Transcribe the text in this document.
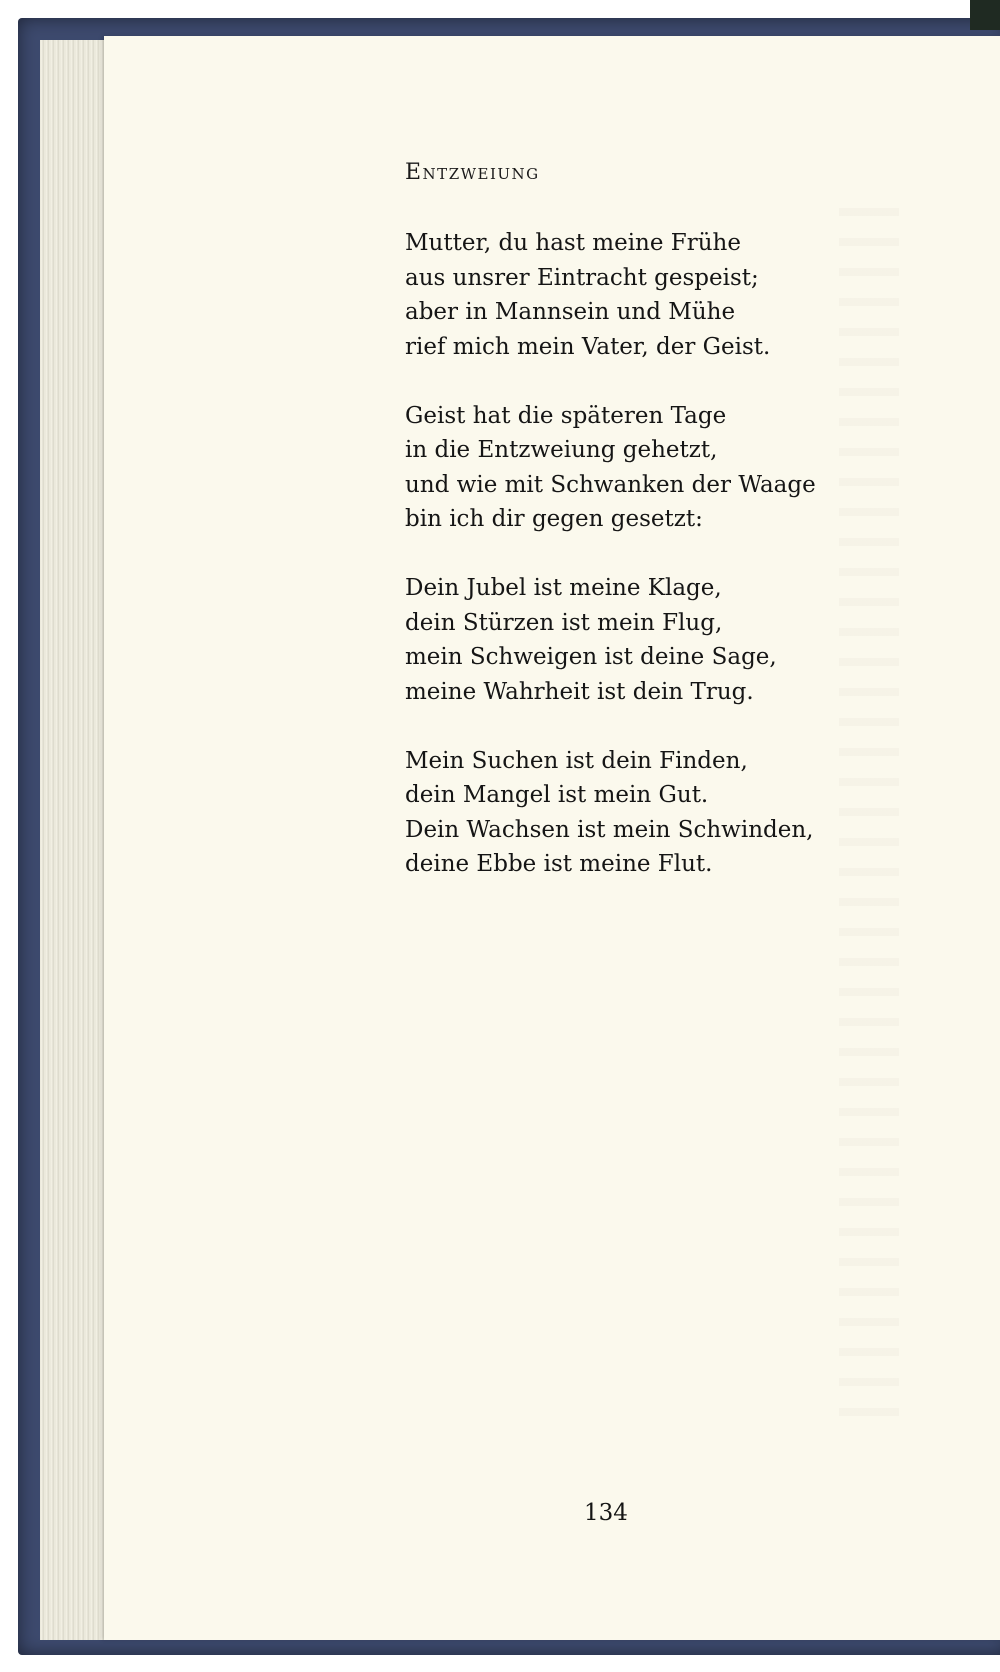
Entzweiung
Mutter, du hast meine Frühe
aus unsrer Eintracht gespeist;
aber in Mannsein und Mühe
rief mich mein Vater, der Geist.
Geist hat die späteren Tage
in die Entzweiung gehetzt,
und wie mit Schwanken der Waage
bin ich dir gegen gesetzt:
Dein Jubel ist meine Klage,
dein Stürzen ist mein Flug,
mein Schweigen ist deine Sage,
meine Wahrheit ist dein Trug.
Mein Suchen ist dein Finden,
dein Mangel ist mein Gut.
Dein Wachsen ist mein Schwinden,
deine Ebbe ist meine Flut.
134
